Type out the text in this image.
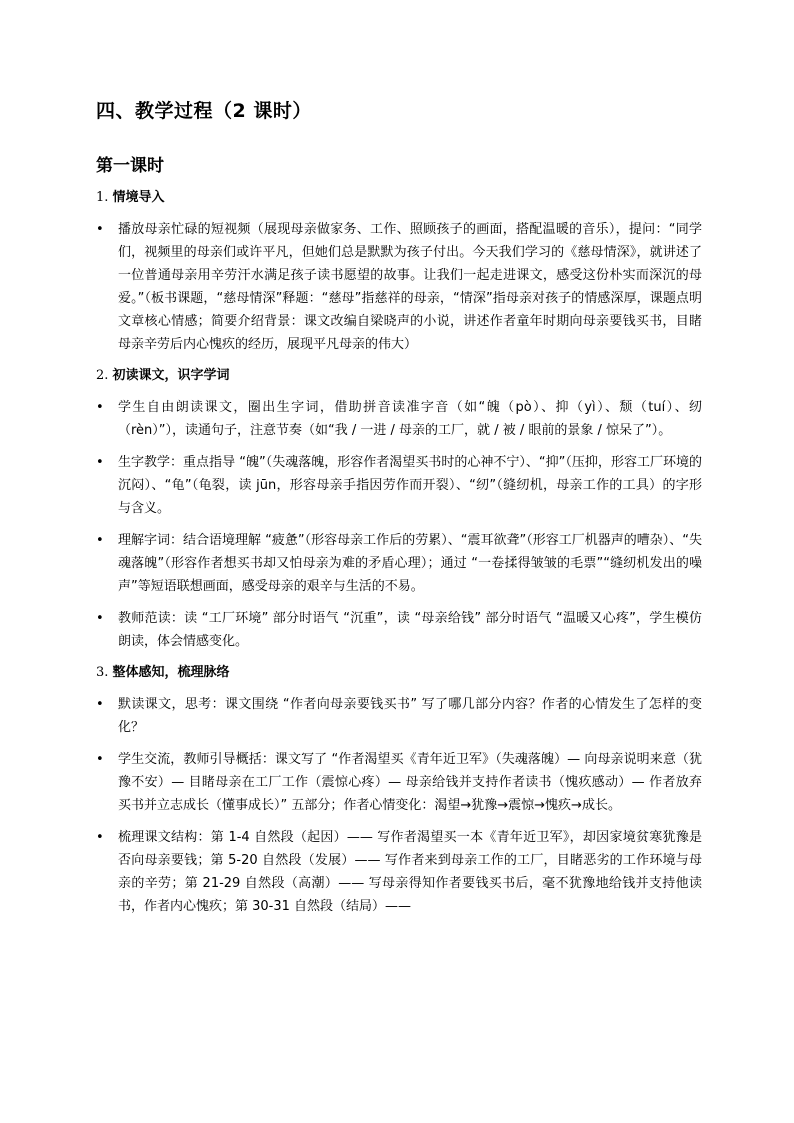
四、教学过程（2 课时）
第一课时
1. 情境导入
•	播放母亲忙碌的短视频（展现母亲做家务、工作、照顾孩子的画面，搭配温暖的音乐），提问：“同学们，视频里的母亲们或许平凡，但她们总是默默为孩子付出。今天我们学习的《慈母情深》，就讲述了一位普通母亲用辛劳汗水满足孩子读书愿望的故事。让我们一起走进课文，感受这份朴实而深沉的母爱。”（板书课题，“慈母情深”释题：“慈母”指慈祥的母亲，“情深”指母亲对孩子的情感深厚，课题点明文章核心情感；简要介绍背景：课文改编自梁晓声的小说，讲述作者童年时期向母亲要钱买书，目睹母亲辛劳后内心愧疚的经历，展现平凡母亲的伟大）
2. 初读课文，识字学词
•	学生自由朗读课文，圈出生字词，借助拼音读准字音（如“魄（pò）、抑（yì）、颓（tuí）、纫（rèn）”），读通句子，注意节奏（如“我 / 一进 / 母亲的工厂，就 / 被 / 眼前的景象 / 惊呆了”）。
•	生字教学：重点指导 “魄”（失魂落魄，形容作者渴望买书时的心神不宁）、“抑”（压抑，形容工厂环境的沉闷）、“龟”（龟裂，读 jūn，形容母亲手指因劳作而开裂）、“纫”（缝纫机，母亲工作的工具）的字形与含义。
•	理解字词：结合语境理解 “疲惫”（形容母亲工作后的劳累）、“震耳欲聋”（形容工厂机器声的嘈杂）、“失魂落魄”（形容作者想买书却又怕母亲为难的矛盾心理）；通过 “一卷揉得皱皱的毛票”“缝纫机发出的噪声”等短语联想画面，感受母亲的艰辛与生活的不易。
•	教师范读：读 “工厂环境” 部分时语气 “沉重”，读 “母亲给钱” 部分时语气 “温暖又心疼”，学生模仿朗读，体会情感变化。
3. 整体感知，梳理脉络
•	默读课文，思考：课文围绕 “作者向母亲要钱买书” 写了哪几部分内容？作者的心情发生了怎样的变化？
•	学生交流，教师引导概括：课文写了 “作者渴望买《青年近卫军》（失魂落魄）— 向母亲说明来意（犹豫不安）— 目睹母亲在工厂工作（震惊心疼）— 母亲给钱并支持作者读书（愧疚感动）— 作者放弃买书并立志成长（懂事成长）” 五部分；作者心情变化：渴望→犹豫→震惊→愧疚→成长。
•	梳理课文结构：第 1-4 自然段（起因）—— 写作者渴望买一本《青年近卫军》，却因家境贫寒犹豫是否向母亲要钱；第 5-20 自然段（发展）—— 写作者来到母亲工作的工厂，目睹恶劣的工作环境与母亲的辛劳；第 21-29 自然段（高潮）—— 写母亲得知作者要钱买书后，毫不犹豫地给钱并支持他读书，作者内心愧疚；第 30-31 自然段（结局）——
